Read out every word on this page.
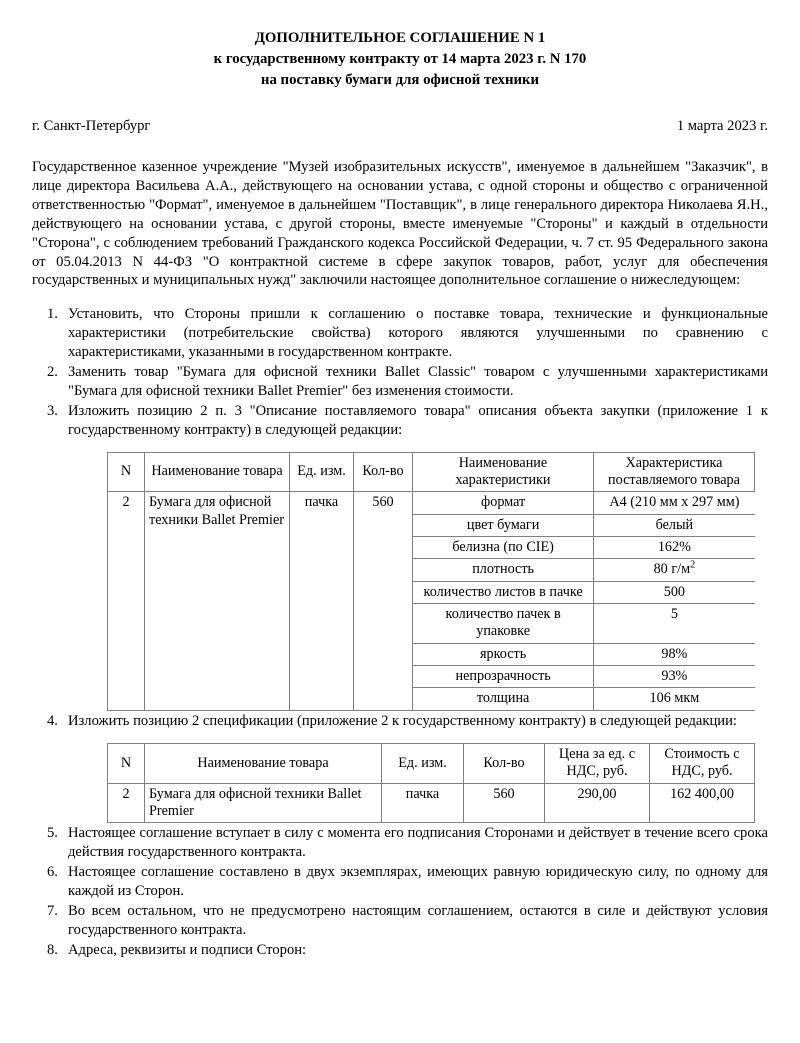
ДОПОЛНИТЕЛЬНОЕ СОГЛАШЕНИЕ N 1
к государственному контракту от 14 марта 2023 г. N 170
на поставку бумаги для офисной техники
г. Санкт-Петербург	1 марта 2023 г.

Государственное казенное учреждение "Музей изобразительных искусств", именуемое в дальнейшем "Заказчик", в лице директора Васильева А.А., действующего на основании устава, с одной стороны и общество с ограниченной ответственностью "Формат", именуемое в дальнейшем "Поставщик", в лице генерального директора Николаева Я.Н., действующего на основании устава, с другой стороны, вместе именуемые "Стороны" и каждый в отдельности "Сторона", с соблюдением требований Гражданского кодекса Российской Федерации, ч. 7 ст. 95 Федерального закона от 05.04.2013 N 44-ФЗ "О контрактной системе в сфере закупок товаров, работ, услуг для обеспечения государственных и муниципальных нужд" заключили настоящее дополнительное соглашение о нижеследующем:

Установить, что Стороны пришли к соглашению о поставке товара, технические и функциональные характеристики (потребительские свойства) которого являются улучшенными по сравнению с характеристиками, указанными в государственном контракте.
Заменить товар "Бумага для офисной техники Ballet Classic" товаром с улучшенными характеристиками "Бумага для офисной техники Ballet Premier" без изменения стоимости.
Изложить позицию 2 п. 3 "Описание поставляемого товара" описания объекта закупки (приложение 1 к государственному контракту) в следующей редакции:
N	Наименование товара	Ед. изм.	Кол-во	Наименование характеристики	Характеристика поставляемого товара
2	Бумага для офисной техники Ballet Premier	пачка	560		формат	A4 (210 мм x 297 мм)
цвет бумаги	белый
белизна (по CIE)	162%
плотность	80 $г/м^2$
количество листов в пачке	500
количество пачек в упаковке	5
яркость	98%
непрозрачность	93%
толщина	106 мкм
Изложить позицию 2 спецификации (приложение 2 к государственному контракту) в следующей редакции:
N	Наименование товара	Ед. изм.	Кол-во	Цена за ед. с НДС, руб.	Стоимость с НДС, руб.
2	Бумага для офисной техники Ballet Premier	пачка	560	290,00	162 400,00
Настоящее соглашение вступает в силу с момента его подписания Сторонами и действует в течение всего срока действия государственного контракта.
Настоящее соглашение составлено в двух экземплярах, имеющих равную юридическую силу, по одному для каждой из Сторон.
Во всем остальном, что не предусмотрено настоящим соглашением, остаются в силе и действуют условия государственного контракта.
Адреса, реквизиты и подписи Сторон:
